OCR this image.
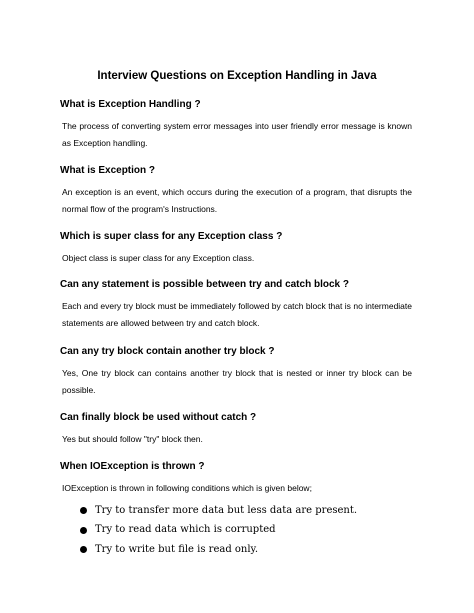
Interview Questions on Exception Handling in Java

What is Exception Handling ?

The process of converting system error messages into user friendly error message is known as Exception handling.

What is Exception ?

An exception is an event, which occurs during the execution of a program, that disrupts the normal flow of the program's Instructions.

Which is super class for any Exception class ?

Object class is super class for any Exception class.

Can any statement is possible between try and catch block ?

Each and every try block must be immediately followed by catch block that is no intermediate statements are allowed between try and catch block.

Can any try block contain another try block ?

Yes, One try block can contains another try block that is nested or inner try block can be possible.

Can finally block be used without catch ?

Yes but should follow "try" block then.

When IOException is thrown ?

IOException is thrown in following conditions which is given below;

Try to transfer more data but less data are present.
Try to read data which is corrupted
Try to write but file is read only.
